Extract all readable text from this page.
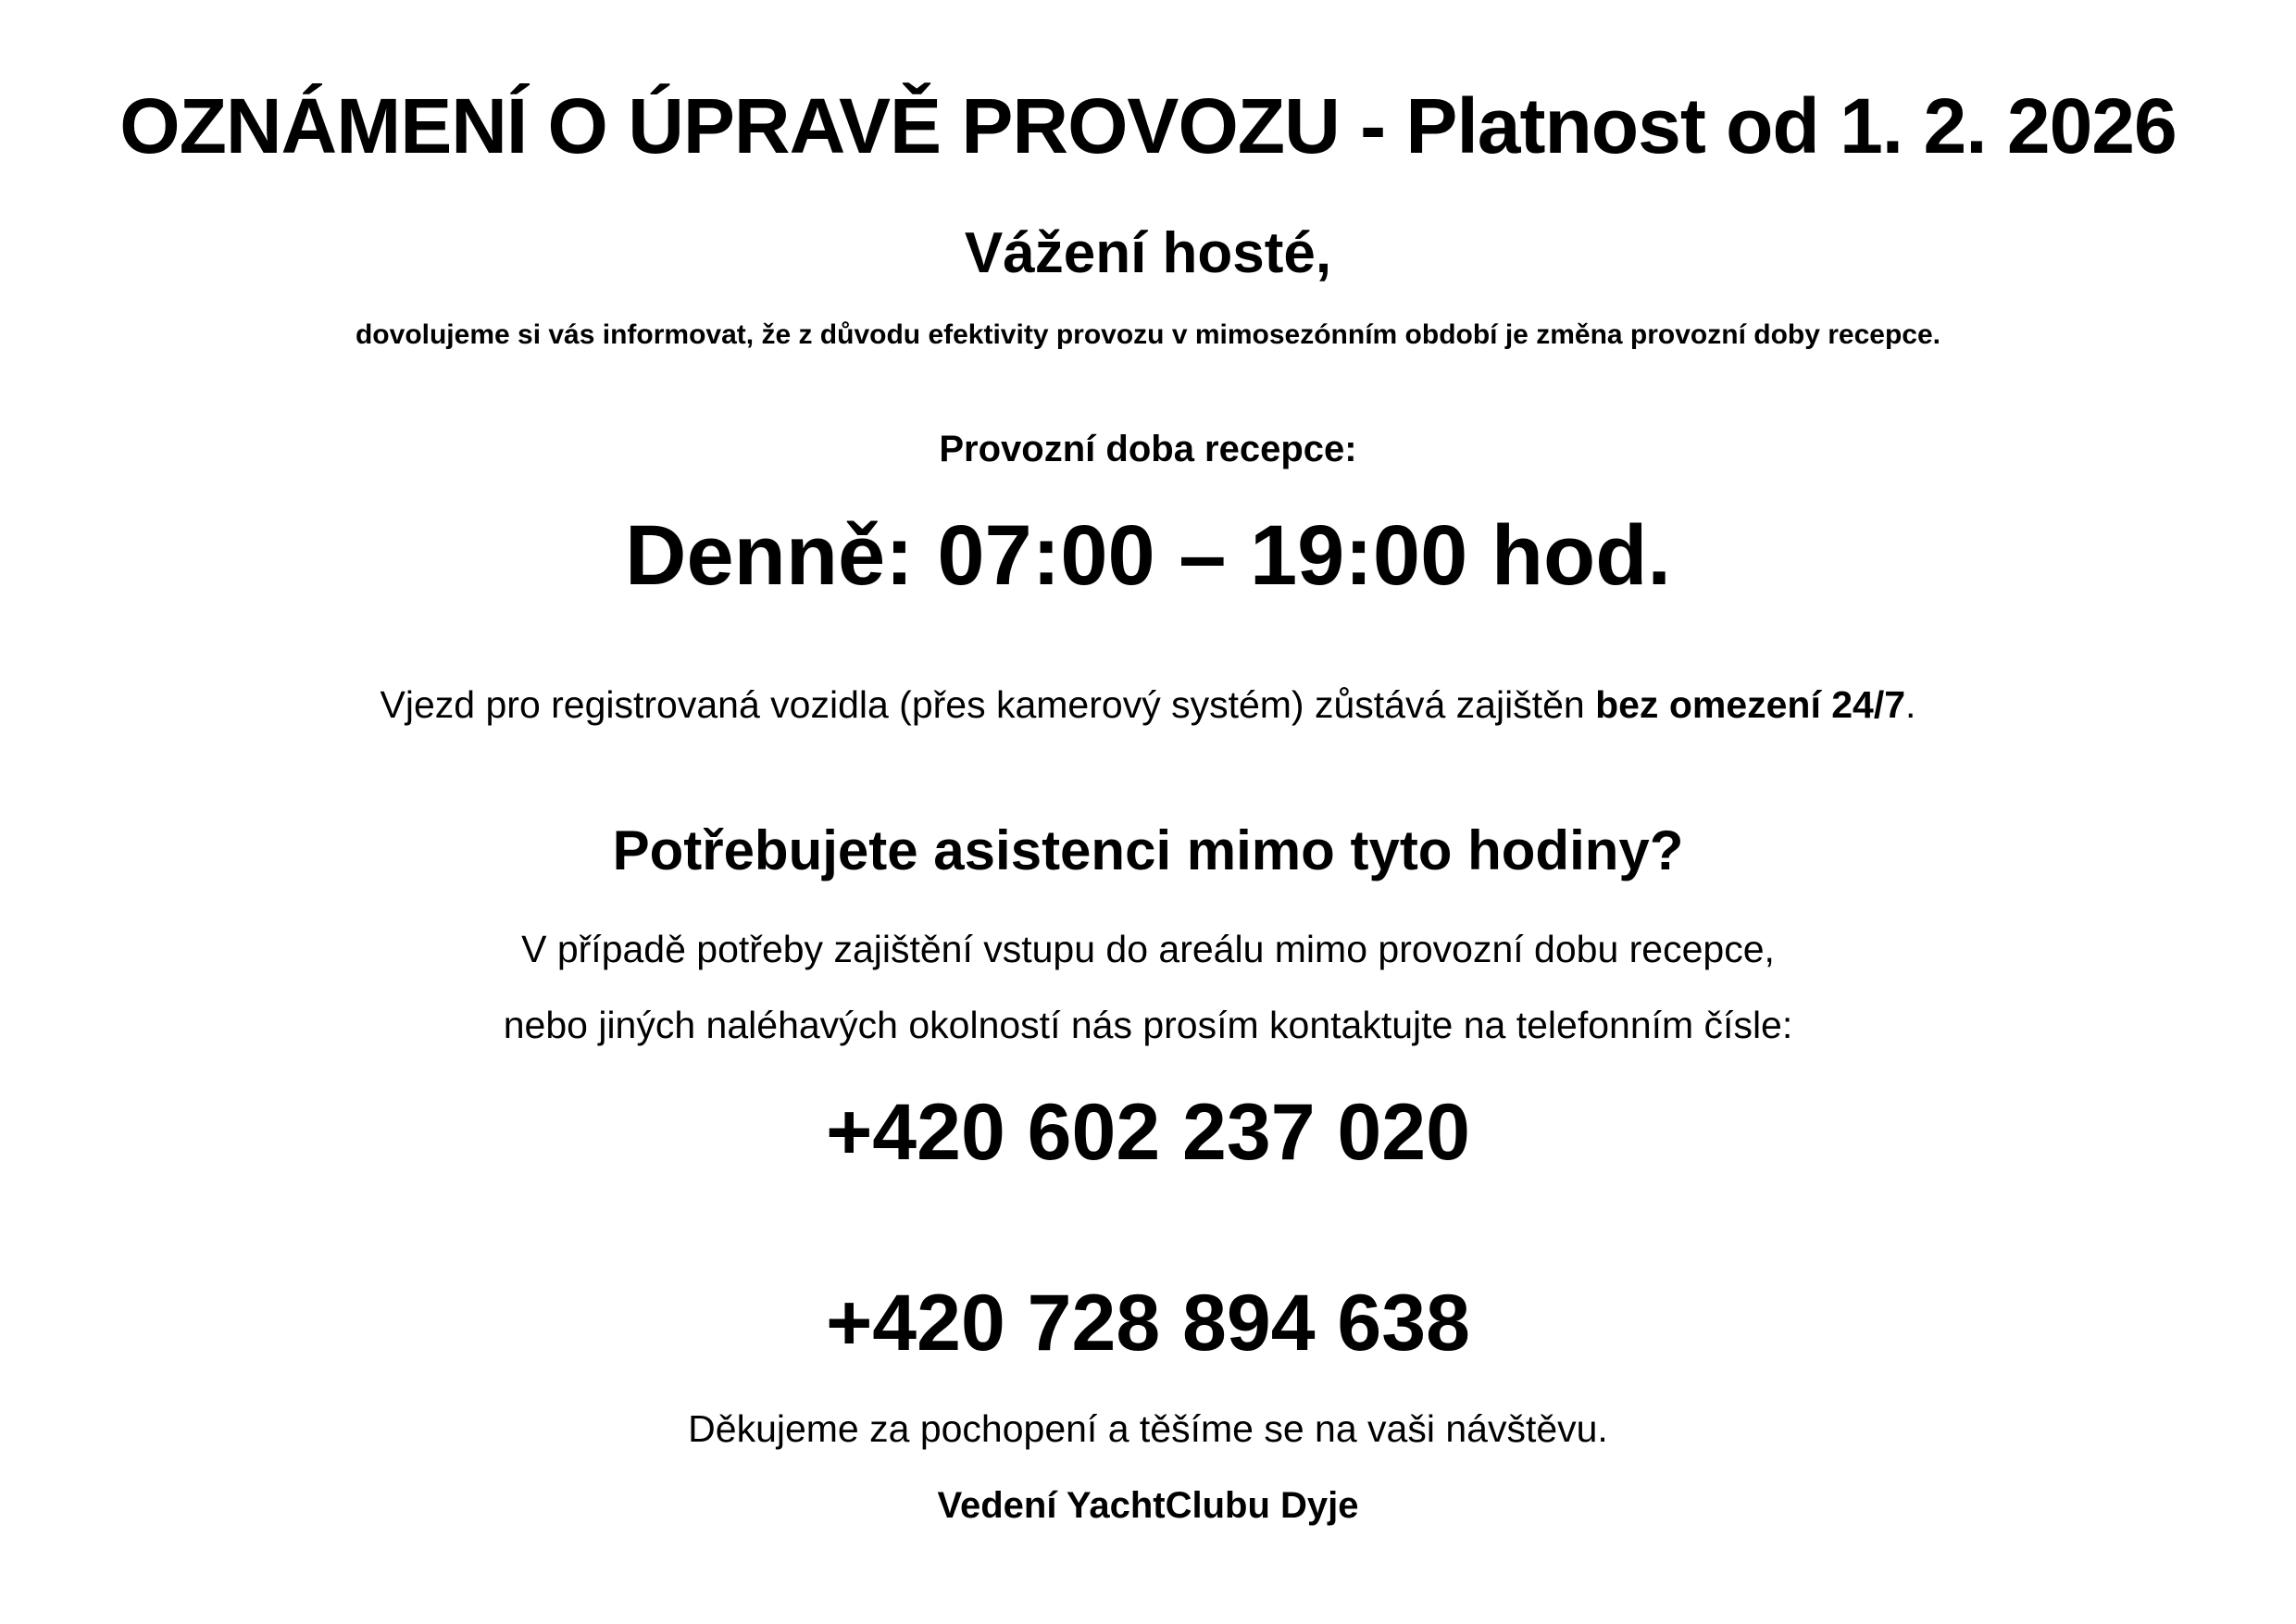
OZNÁMENÍ O ÚPRAVĚ PROVOZU - Platnost od 1. 2. 2026
Vážení hosté,
dovolujeme si vás informovat, že z důvodu efektivity provozu v mimosezónním období je změna provozní doby recepce.
Provozní doba recepce:
Denně: 07:00 – 19:00 hod.
Vjezd pro registrovaná vozidla (přes kamerový systém) zůstává zajištěn bez omezení 24/7.
Potřebujete asistenci mimo tyto hodiny?
V případě potřeby zajištění vstupu do areálu mimo provozní dobu recepce,
nebo jiných naléhavých okolností nás prosím kontaktujte na telefonním čísle:
+420 602 237 020
+420 728 894 638
Děkujeme za pochopení a těšíme se na vaši návštěvu.
Vedení YachtClubu Dyje
